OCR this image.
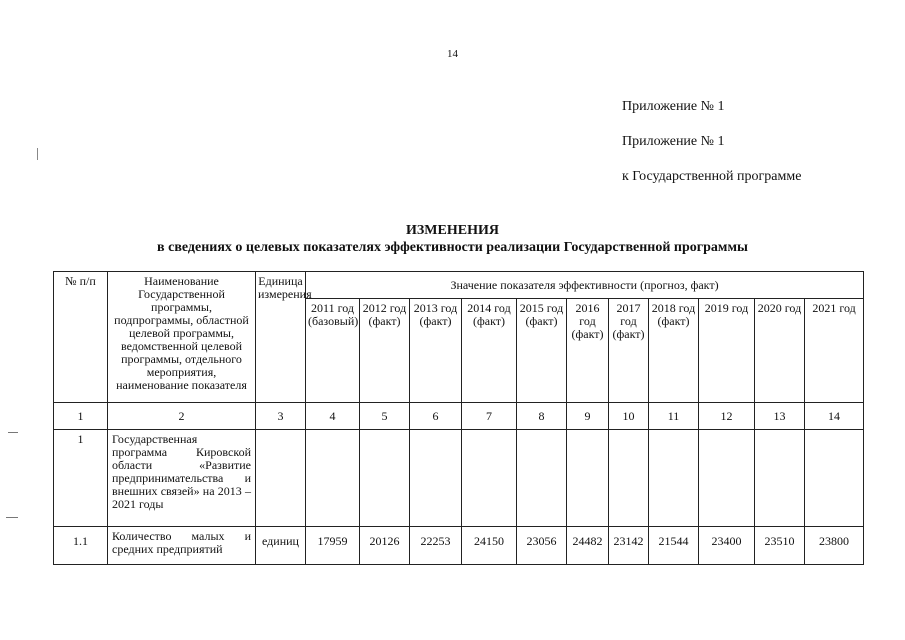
14
Приложение № 1
Приложение № 1
к Государственной программе
ИЗМЕНЕНИЯ
в сведениях о целевых показателях эффективности реализации Государственной программы
№ п/п	Наименование Государственной программы, подпрограммы, областной целевой программы, ведомственной целевой программы, отдельного мероприятия, наименование показателя	Единица измерения	Значение показателя эффективности (прогноз, факт)										
			2011 год (базовый)	2012 год (факт)	2013 год (факт)	2014 год (факт)	2015 год (факт)	2016 год (факт)	2017 год (факт)	2018 год (факт)	2019 год	2020 год	2021 год
1	2	3	4	5	6	7	8	9	10	11	12	13	14
1	Государственная программа Кировской области «Развитие предпринимательства и внешних связей» на 2013 – 2021 годы												
1.1	Количество малых и средних предприятий	единиц	17959	20126	22253	24150	23056	24482	23142	21544	23400	23510	23800
